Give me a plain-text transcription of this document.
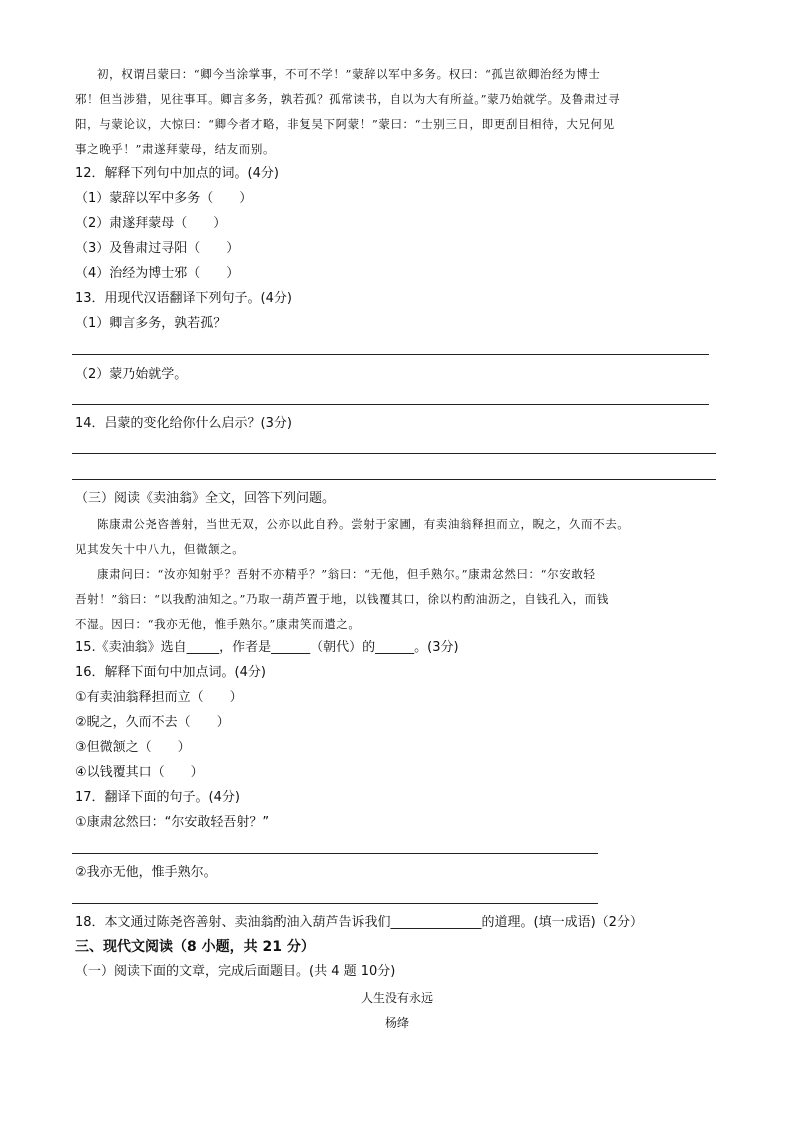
初，权谓吕蒙曰：“卿今当涂掌事，不可不学！”蒙辞以军中多务。权曰：“孤岂欲卿治经为博士
邪！但当涉猎，见往事耳。卿言多务，孰若孤？孤常读书，自以为大有所益。”蒙乃始就学。及鲁肃过寻
阳，与蒙论议，大惊曰：“卿今者才略，非复吴下阿蒙！”蒙曰：“士别三日，即更刮目相待，大兄何见
事之晚乎！”肃遂拜蒙母，结友而别。
12．解释下列句中加点的词。(4分)
（1）蒙辞以军中多务（　　）
（2）肃遂拜蒙母（　　）
（3）及鲁肃过寻阳（　　）
（4）治经为博士邪（　　）
13．用现代汉语翻译下列句子。(4分)
（1）卿言多务，孰若孤？
（2）蒙乃始就学。
14．吕蒙的变化给你什么启示？(3分)
（三）阅读《卖油翁》全文，回答下列问题。
陈康肃公尧咨善射，当世无双，公亦以此自矜。尝射于家圃，有卖油翁释担而立，睨之，久而不去。
见其发矢十中八九，但微颔之。
康肃问曰：“汝亦知射乎？吾射不亦精乎？”翁曰：“无他，但手熟尔。”康肃忿然曰：“尔安敢轻
吾射！”翁曰：“以我酌油知之。”乃取一葫芦置于地，以钱覆其口，徐以杓酌油沥之，自钱孔入，而钱
不湿。因曰：“我亦无他，惟手熟尔。”康肃笑而遣之。
15.《卖油翁》选自_____，作者是______（朝代）的______。(3分)
16．解释下面句中加点词。(4分)
①有卖油翁释担而立（　　）
②睨之，久而不去（　　）
③但微颔之（　　）
④以钱覆其口（　　）
17．翻译下面的句子。(4分)
①康肃忿然曰：“尔安敢轻吾射？”
②我亦无他，惟手熟尔。
18．本文通过陈尧咨善射、卖油翁酌油入葫芦告诉我们______________的道理。(填一成语)（2分）
三、现代文阅读（8 小题，共 21 分）
（一）阅读下面的文章，完成后面题目。(共 4 题 10分)
人生没有永远
杨绛
